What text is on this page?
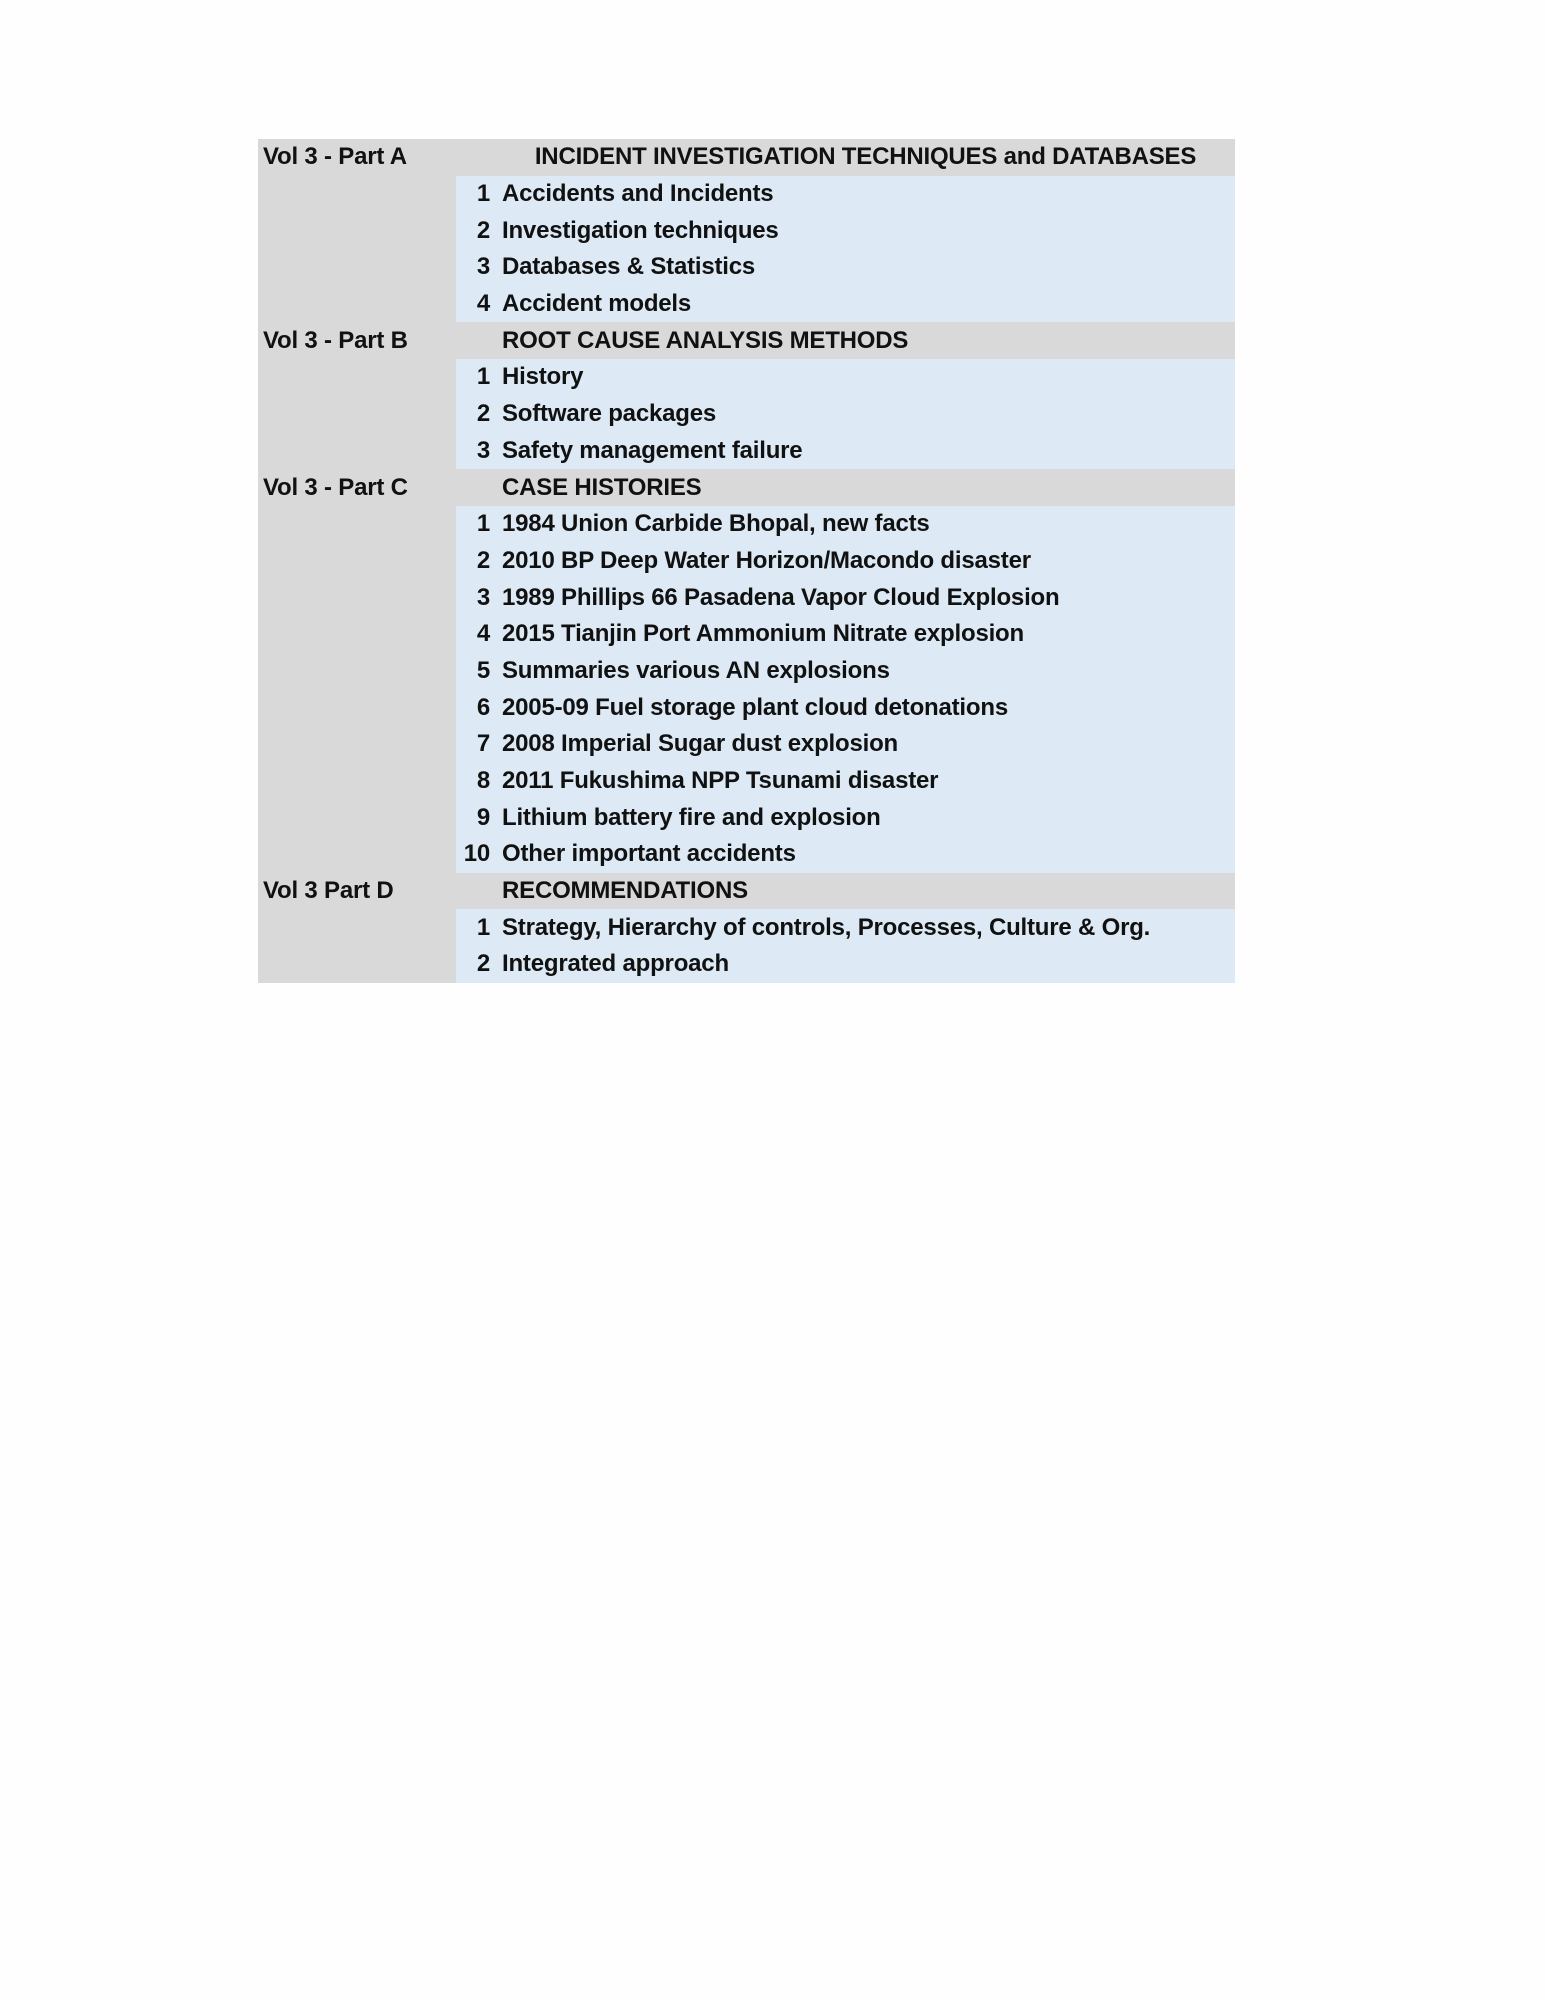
Vol 3 - Part A	INCIDENT INVESTIGATION TECHNIQUES and DATABASES
1 Accidents and Incidents
2 Investigation techniques
3 Databases & Statistics
4 Accident models
Vol 3 - Part B	ROOT CAUSE ANALYSIS METHODS
1 History
2 Software packages
3 Safety management failure
Vol 3 - Part C	CASE HISTORIES
1 1984 Union Carbide Bhopal, new facts
2 2010 BP Deep Water Horizon/Macondo disaster
3 1989 Phillips 66 Pasadena Vapor Cloud Explosion
4 2015 Tianjin Port Ammonium Nitrate explosion
5 Summaries various AN explosions
6 2005-09 Fuel storage plant cloud detonations
7 2008 Imperial Sugar dust explosion
8 2011 Fukushima NPP Tsunami disaster
9 Lithium battery fire and explosion
10 Other important accidents
Vol 3 Part D	RECOMMENDATIONS
1 Strategy, Hierarchy of controls, Processes, Culture & Org.
2 Integrated approach
